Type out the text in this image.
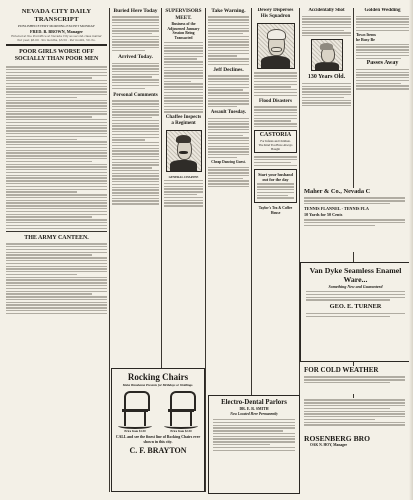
NEVADA CITY DAILY TRANSCRIPT
PUBLISHED EVERY MORNING EXCEPT MONDAY
FRED. B. BROWN, Manager
Entered at the Postoffice at Nevada City as second-class matter
Per year, $6.00 · Six months, $3.50 · Per month, 50 cts.
POOR GIRLS WORSE OFF SOCIALLY THAN POOR MEN
THE ARMY CANTEEN.
Buried Here Today
Arrived Today.
Personal Comments
SUPERVISORS MEET.
Business of the Adjourned January Session Being Transacted
Chaffee Inspects a Regiment
GENERAL CHAFFEE
Take Warning.
Jeff Declines.
Assault Tuesday.
Cheap Dancing Guest.
Dewey Disperses His Squadron
Flood Disasters
CASTORIA
For Infants and Children.
The Kind You Have Always Bought
Start your husband out for the day
Taylor's Tea & Coffee House
Accidentally Shot
130 Years Old.
Golden Wedding
Town Items
he Busy Be
Passes Away
Rocking Chairs
Make Handsome Presents for Birthdays or Weddings.
Price from $1.50	Price from $2.50
CALL and see the finest line of Rocking Chairs ever shown in this city.
C. F. BRAYTON
Maher & Co., Nevada C
TENNIS FLANNEL · TENNIS FLA
10 Yards for 50 Cents
Van Dyke Seamless Enamel Ware...
Something New and Guaranteed
GEO. E. TURNER
FOR COLD WEATHER
Electro-Dental Parlors
DR. E. R. SMITH
Now Located Here Permanently
ROSENBERG BRO
OAK N. HOY, Manager
